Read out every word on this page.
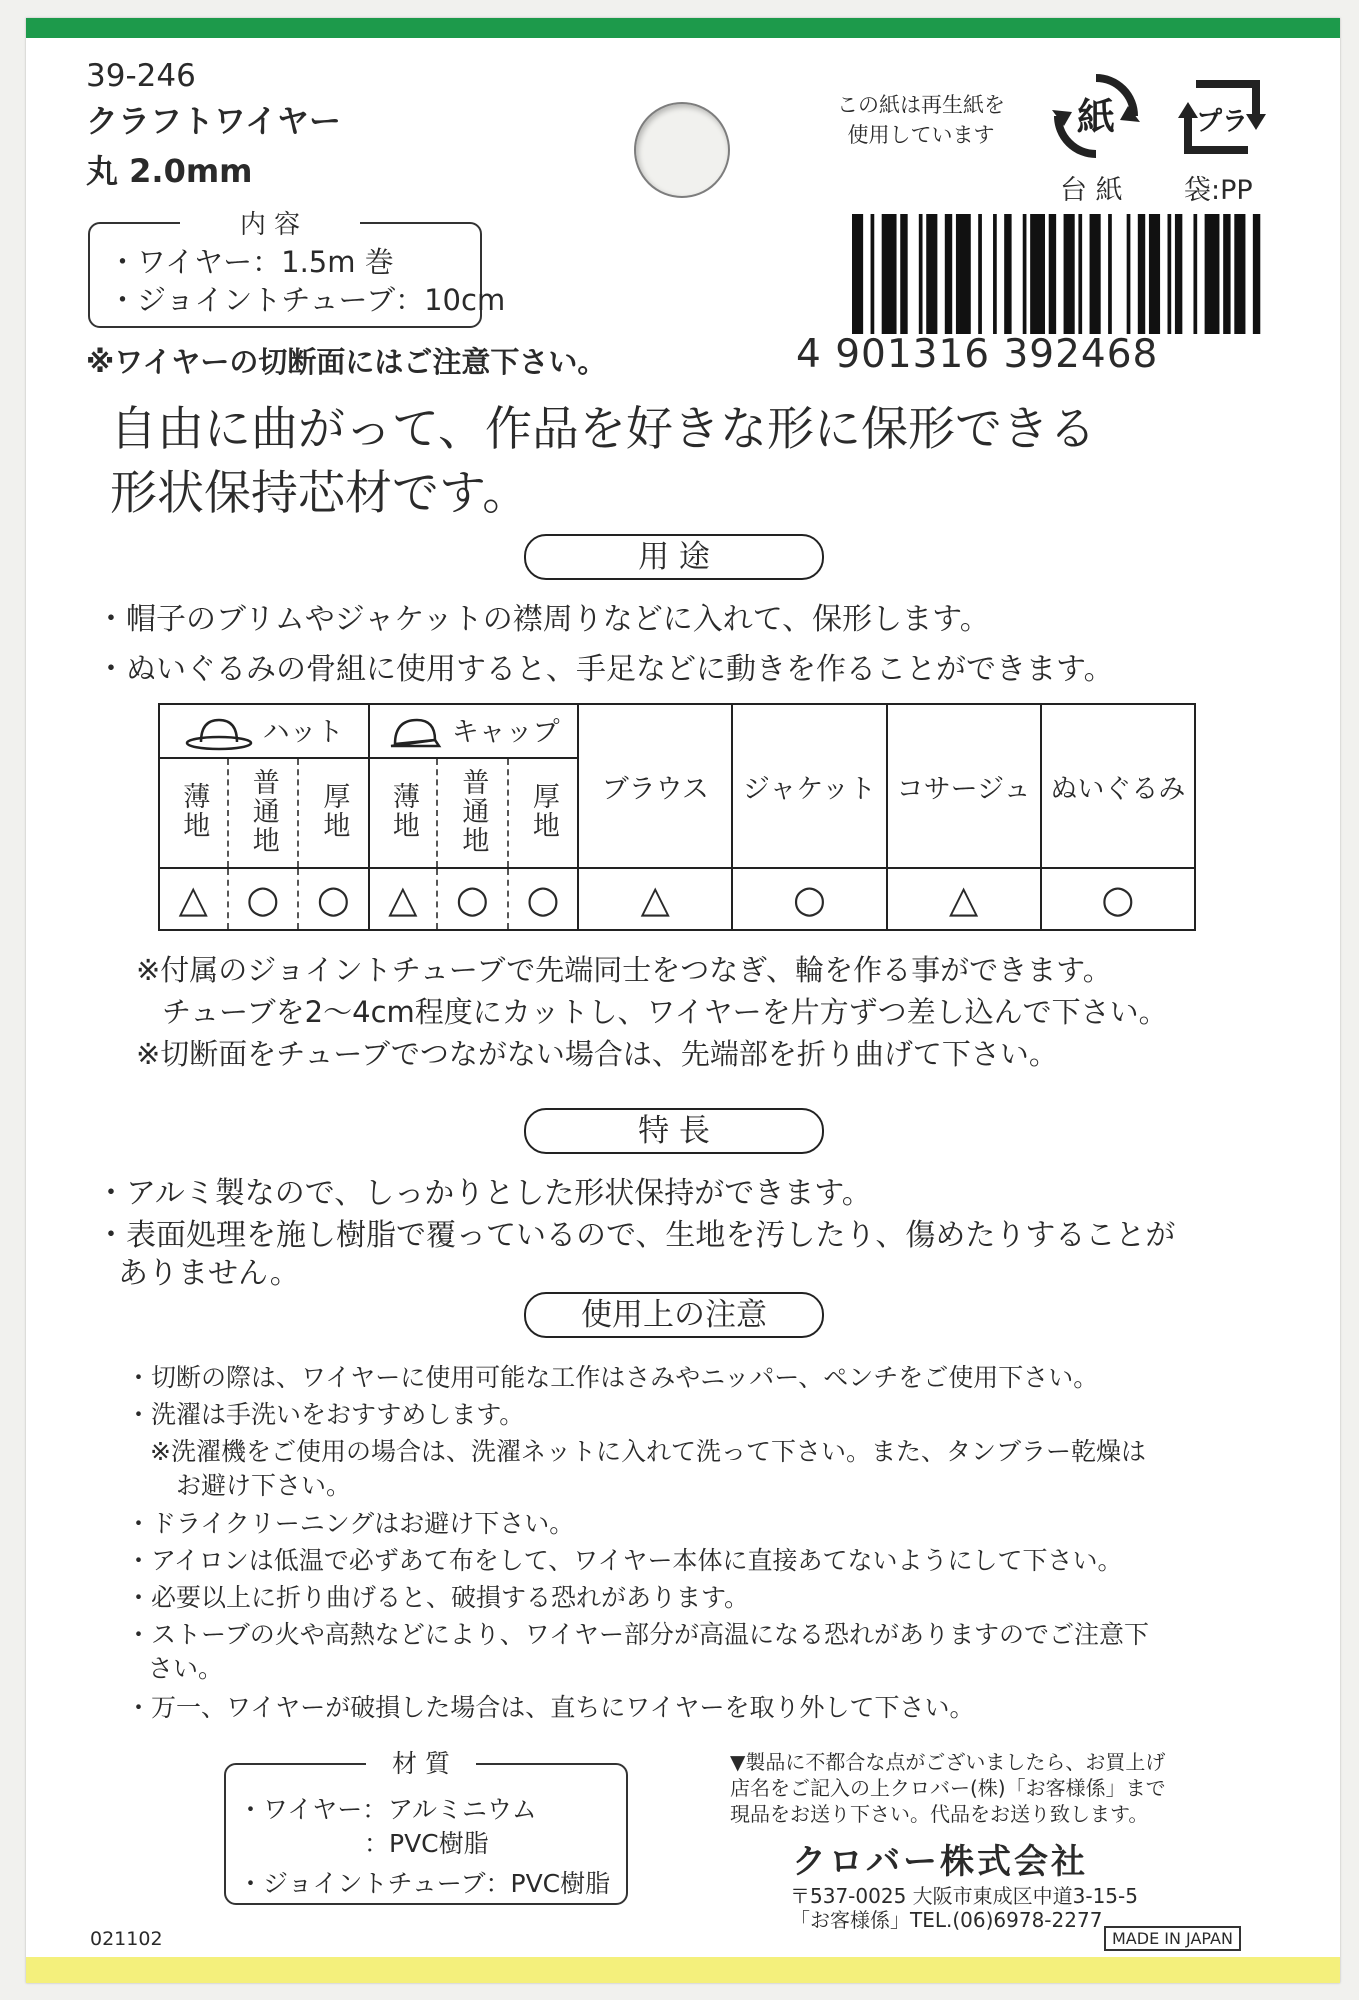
39-246
クラフトワイヤー
丸 2.0mm
内 容
・ワイヤー：1.5m 巻
・ジョイントチューブ：10cm
※ワイヤーの切断面にはご注意下さい。
この紙は再生紙を
使用しています	紙	プラ
台 紙 袋:PP
4 901316 392468
自由に曲がって、作品を好きな形に保形できる
形状保持芯材です。
用 途
・帽子のブリムやジャケットの襟周りなどに入れて、保形します。
・ぬいぐるみの骨組に使用すると、手足などに動きを作ることができます。
ハット			キャップ			ブラウス	ジャケット	コサージュ	ぬいぐるみ
薄地	普通地	厚地	薄地	普通地	厚地				
△	○	○	△	○	○	△	○	△	○
※付属のジョイントチューブで先端同士をつなぎ、輪を作る事ができます。
チューブを2～4cm程度にカットし、ワイヤーを片方ずつ差し込んで下さい。
※切断面をチューブでつながない場合は、先端部を折り曲げて下さい。
特 長
・アルミ製なので、しっかりとした形状保持ができます。
・表面処理を施し樹脂で覆っているので、生地を汚したり、傷めたりすることが
ありません。
使用上の注意
・切断の際は、ワイヤーに使用可能な工作はさみやニッパー、ペンチをご使用下さい。
・洗濯は手洗いをおすすめします。
※洗濯機をご使用の場合は、洗濯ネットに入れて洗って下さい。また、タンブラー乾燥は
お避け下さい。
・ドライクリーニングはお避け下さい。
・アイロンは低温で必ずあて布をして、ワイヤー本体に直接あてないようにして下さい。
・必要以上に折り曲げると、破損する恐れがあります。
・ストーブの火や高熱などにより、ワイヤー部分が高温になる恐れがありますのでご注意下
さい。
・万一、ワイヤーが破損した場合は、直ちにワイヤーを取り外して下さい。
材 質
・ワイヤー： アルミニウム
：PVC樹脂
・ジョイントチューブ：PVC樹脂
▼製品に不都合な点がございましたら、お買上げ
店名をご記入の上クロバー(株)「お客様係」まで
現品をお送り下さい。代品をお送り致します。
クロバー株式会社
〒537-0025 大阪市東成区中道3-15-5
「お客様係」TEL.(06)6978-2277
021102	MADE IN JAPAN
